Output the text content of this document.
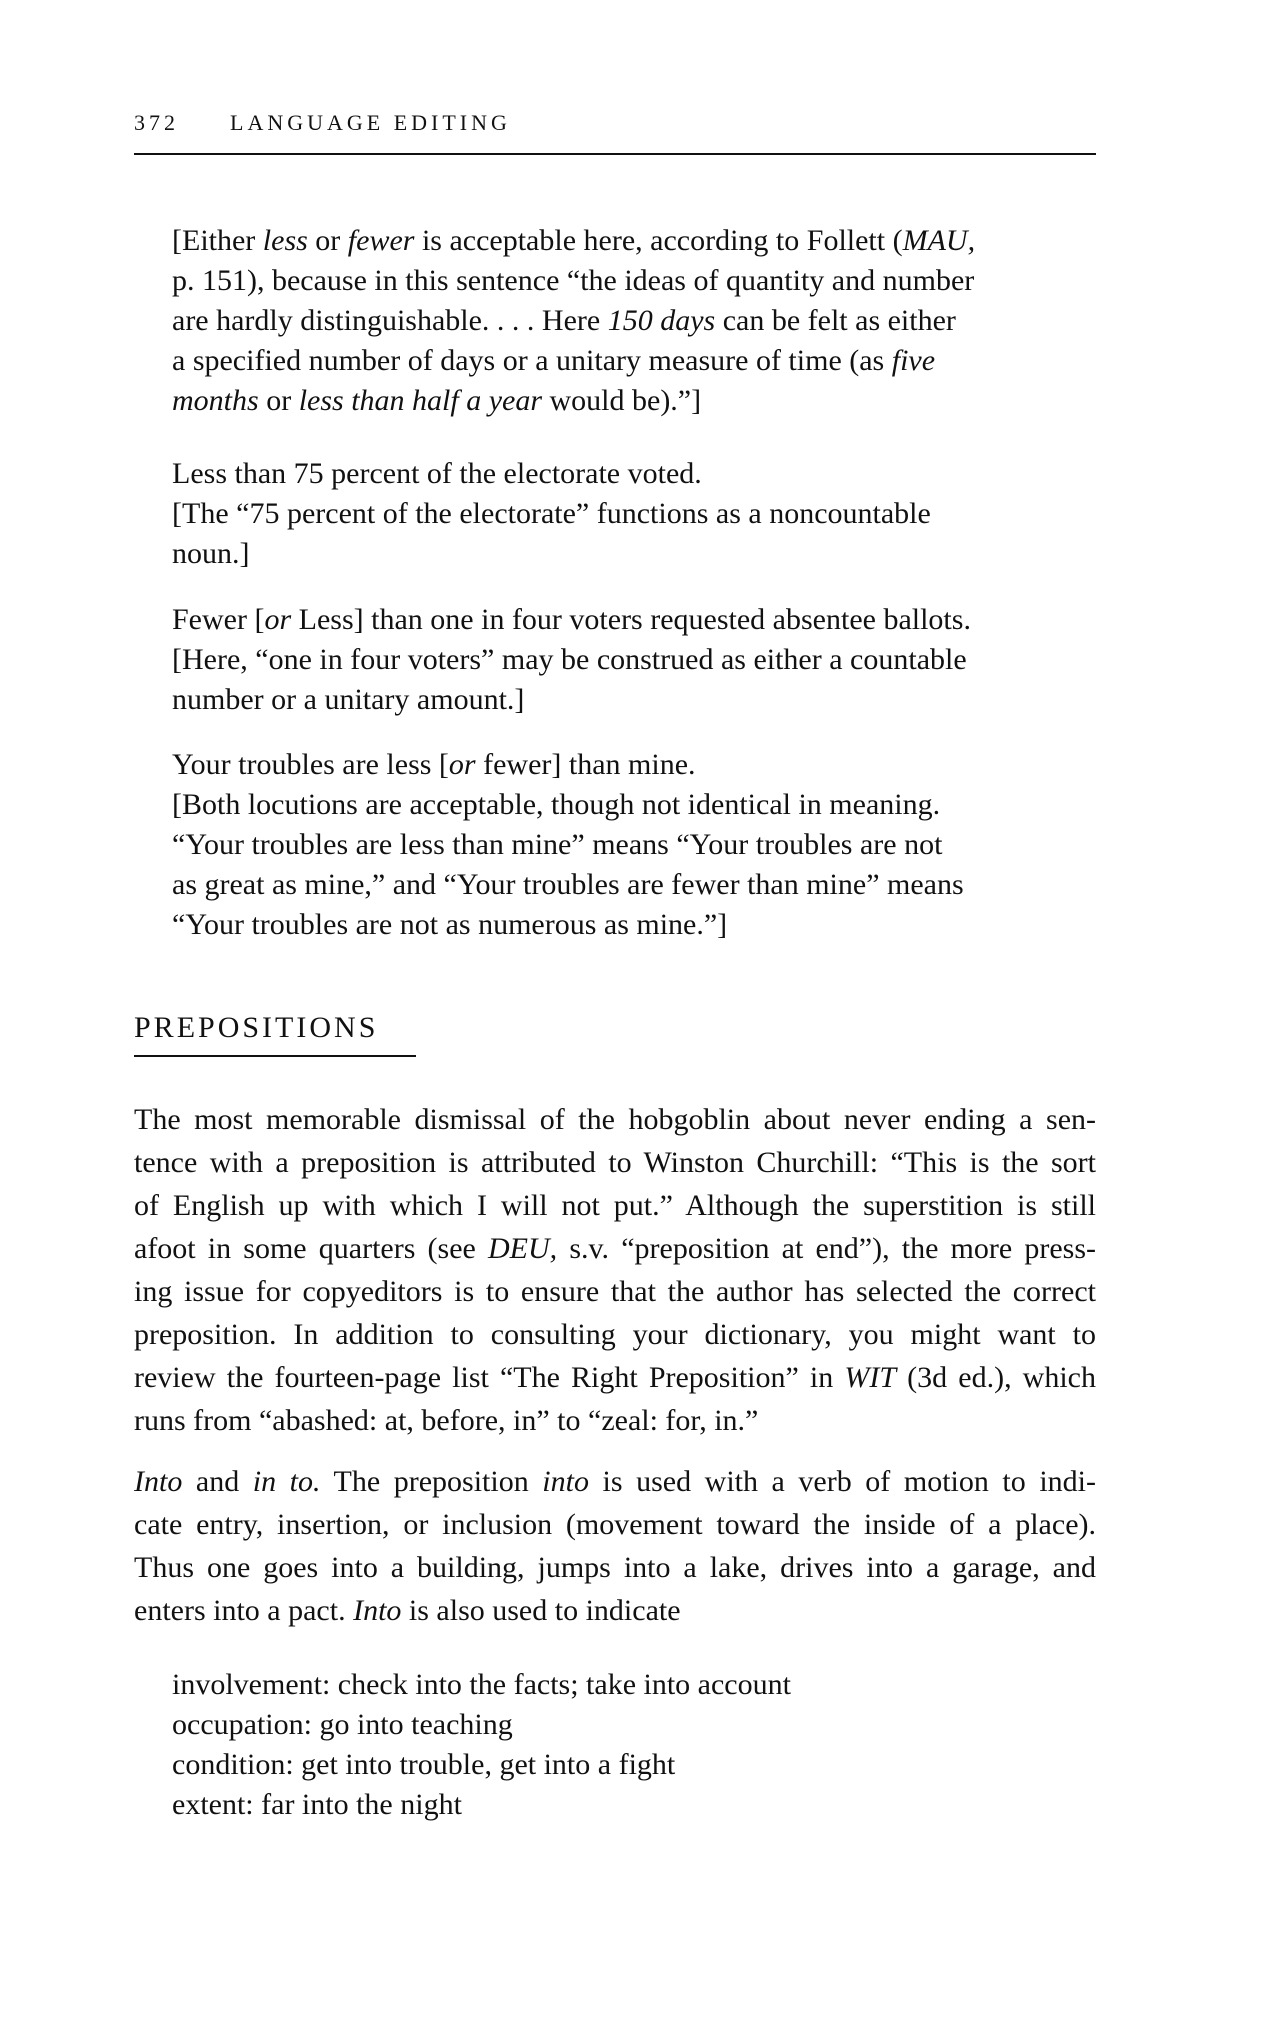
372 LANGUAGE EDITING
[Either less or fewer is acceptable here, according to Follett (MAU,
p. 151), because in this sentence “the ideas of quantity and number
are hardly distinguishable. . . . Here 150 days can be felt as either
a specified number of days or a unitary measure of time (as five
months or less than half a year would be).”]
Less than 75 percent of the electorate voted.
[The “75 percent of the electorate” functions as a noncountable
noun.]
Fewer [or Less] than one in four voters requested absentee ballots.
[Here, “one in four voters” may be construed as either a countable
number or a unitary amount.]
Your troubles are less [or fewer] than mine.
[Both locutions are acceptable, though not identical in meaning.
“Your troubles are less than mine” means “Your troubles are not
as great as mine,” and “Your troubles are fewer than mine” means
“Your troubles are not as numerous as mine.”]
PREPOSITIONS
The most memorable dismissal of the hobgoblin about never ending a sen-
tence with a preposition is attributed to Winston Churchill: “This is the sort
of English up with which I will not put.” Although the superstition is still
afoot in some quarters (see DEU, s.v. “preposition at end”), the more press-
ing issue for copyeditors is to ensure that the author has selected the correct
preposition. In addition to consulting your dictionary, you might want to
review the fourteen-page list “The Right Preposition” in WIT (3d ed.), which
runs from “abashed: at, before, in” to “zeal: for, in.”
Into and in to. The preposition into is used with a verb of motion to indi-
cate entry, insertion, or inclusion (movement toward the inside of a place).
Thus one goes into a building, jumps into a lake, drives into a garage, and
enters into a pact. Into is also used to indicate
involvement: check into the facts; take into account
occupation: go into teaching
condition: get into trouble, get into a fight
extent: far into the night
